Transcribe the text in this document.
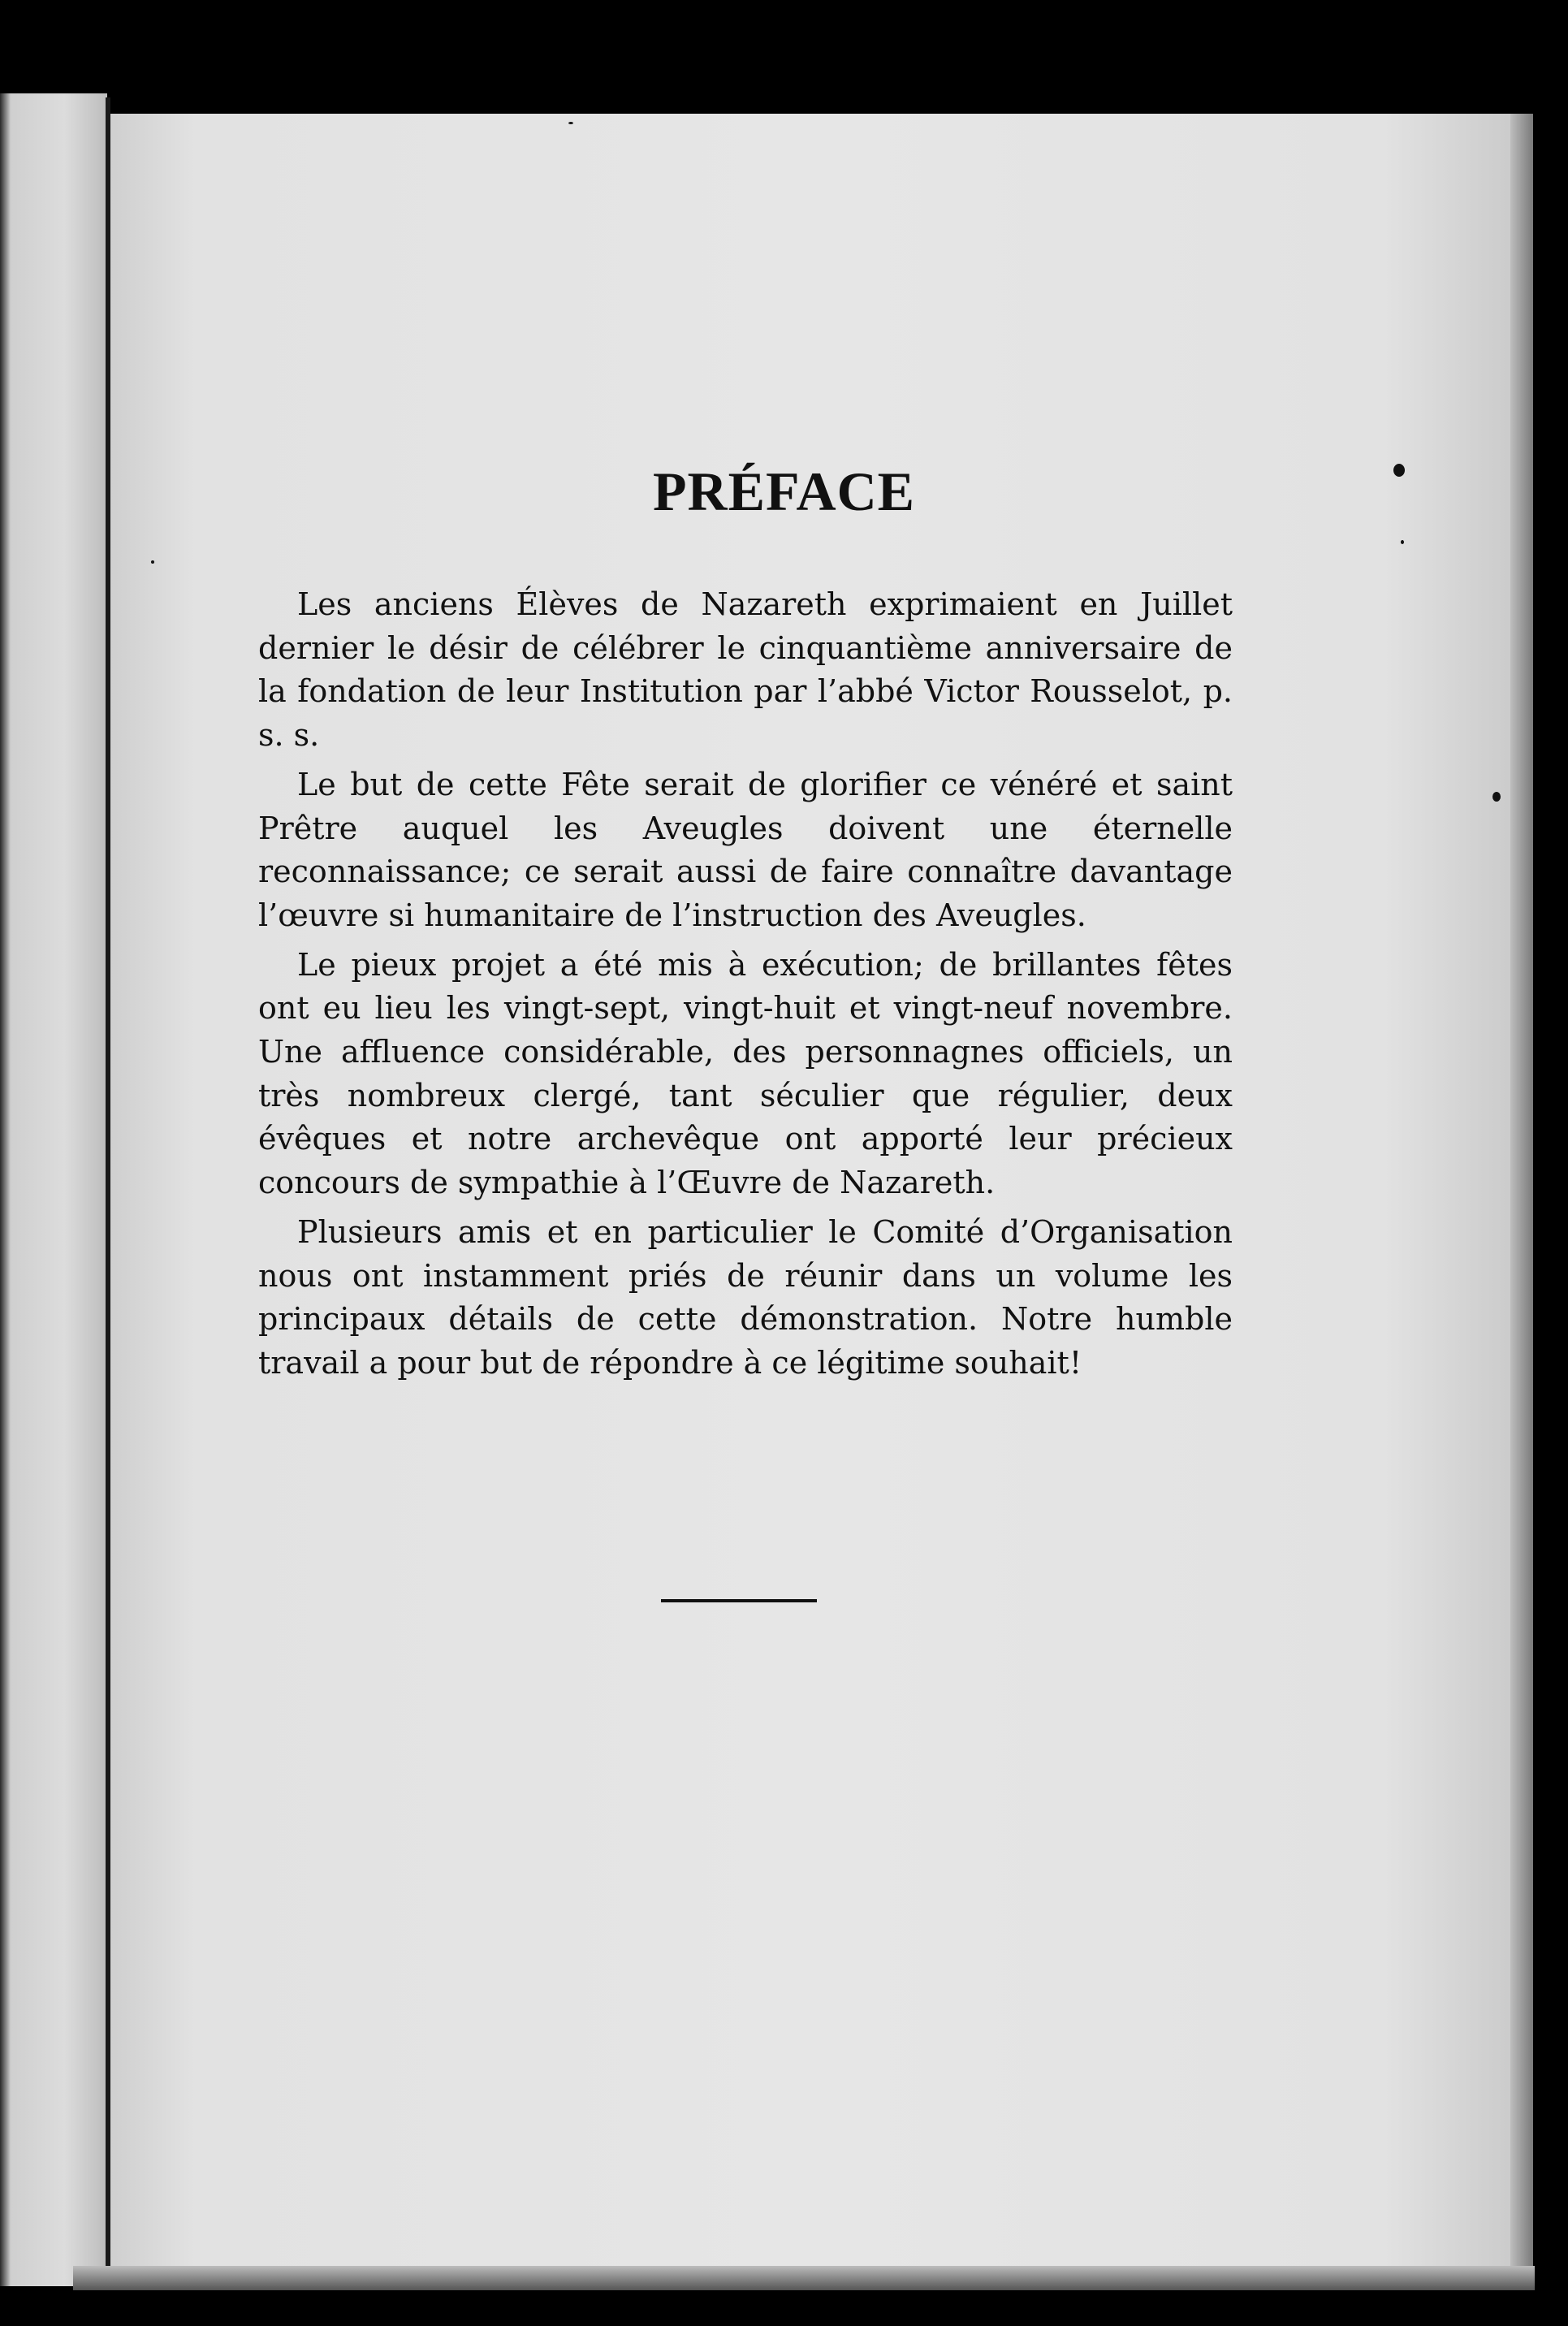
PRÉFACE

Les anciens Élèves de Nazareth exprimaient en Juillet dernier le désir de célébrer le cinquantième anniversaire de la fondation de leur Institution par l’abbé Victor Rousselot, p. s. s.

Le but de cette Fête serait de glorifier ce vénéré et saint Prêtre auquel les Aveugles doivent une éternelle reconnaissance; ce serait aussi de faire connaître davantage l’œuvre si humanitaire de l’instruction des Aveugles.

Le pieux projet a été mis à exécution; de brillantes fêtes ont eu lieu les vingt-sept, vingt-huit et vingt-neuf novembre. Une affluence considérable, des personnagnes officiels, un très nombreux clergé, tant séculier que régulier, deux évêques et notre archevêque ont apporté leur précieux concours de sympathie à l’Œuvre de Nazareth.

Plusieurs amis et en particulier le Comité d’Organisation nous ont instamment priés de réunir dans un volume les principaux détails de cette démonstration. Notre humble travail a pour but de répondre à ce légitime souhait!
